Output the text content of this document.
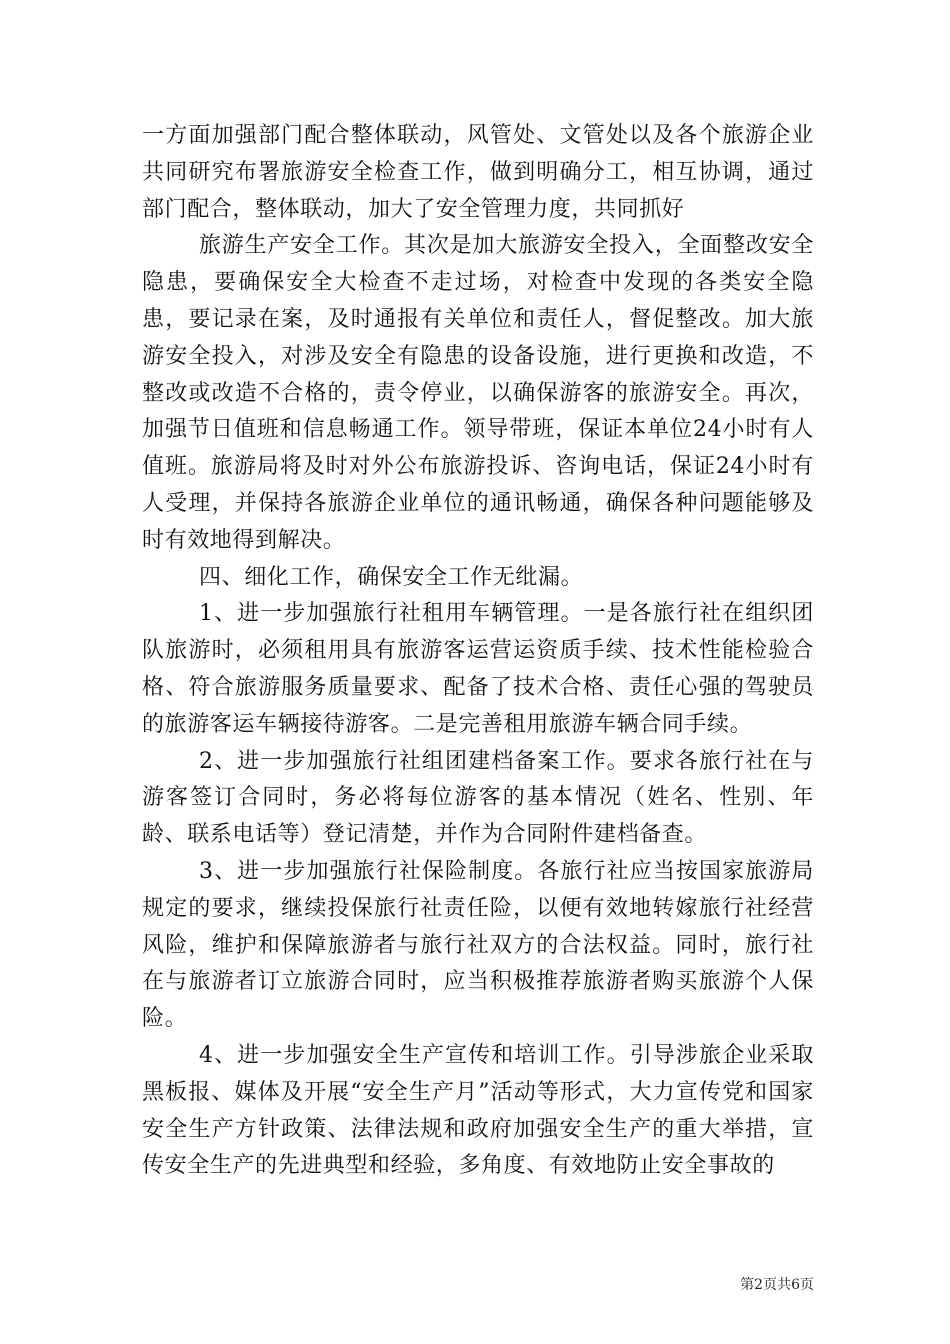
一方面加强部门配合整体联动，风管处、文管处以及各个旅游企业共同研究布署旅游安全检查工作，做到明确分工，相互协调，通过部门配合，整体联动，加大了安全管理力度，共同抓好

旅游生产安全工作。其次是加大旅游安全投入，全面整改安全隐患，要确保安全大检查不走过场，对检查中发现的各类安全隐患，要记录在案，及时通报有关单位和责任人，督促整改。加大旅游安全投入，对涉及安全有隐患的设备设施，进行更换和改造，不整改或改造不合格的，责令停业，以确保游客的旅游安全。再次，加强节日值班和信息畅通工作。领导带班，保证本单位24小时有人值班。旅游局将及时对外公布旅游投诉、咨询电话，保证24小时有人受理，并保持各旅游企业单位的通讯畅通，确保各种问题能够及时有效地得到解决。

四、细化工作，确保安全工作无纰漏。

1、进一步加强旅行社租用车辆管理。一是各旅行社在组织团队旅游时，必须租用具有旅游客运营运资质手续、技术性能检验合格、符合旅游服务质量要求、配备了技术合格、责任心强的驾驶员的旅游客运车辆接待游客。二是完善租用旅游车辆合同手续。

2、进一步加强旅行社组团建档备案工作。要求各旅行社在与游客签订合同时，务必将每位游客的基本情况（姓名、性别、年龄、联系电话等）登记清楚，并作为合同附件建档备查。

3、进一步加强旅行社保险制度。各旅行社应当按国家旅游局规定的要求，继续投保旅行社责任险，以便有效地转嫁旅行社经营风险，维护和保障旅游者与旅行社双方的合法权益。同时，旅行社在与旅游者订立旅游合同时，应当积极推荐旅游者购买旅游个人保险。

4、进一步加强安全生产宣传和培训工作。引导涉旅企业采取黑板报、媒体及开展“安全生产月”活动等形式，大力宣传党和国家安全生产方针政策、法律法规和政府加强安全生产的重大举措，宣传安全生产的先进典型和经验，多角度、有效地防止安全事故的

第2页共6页
